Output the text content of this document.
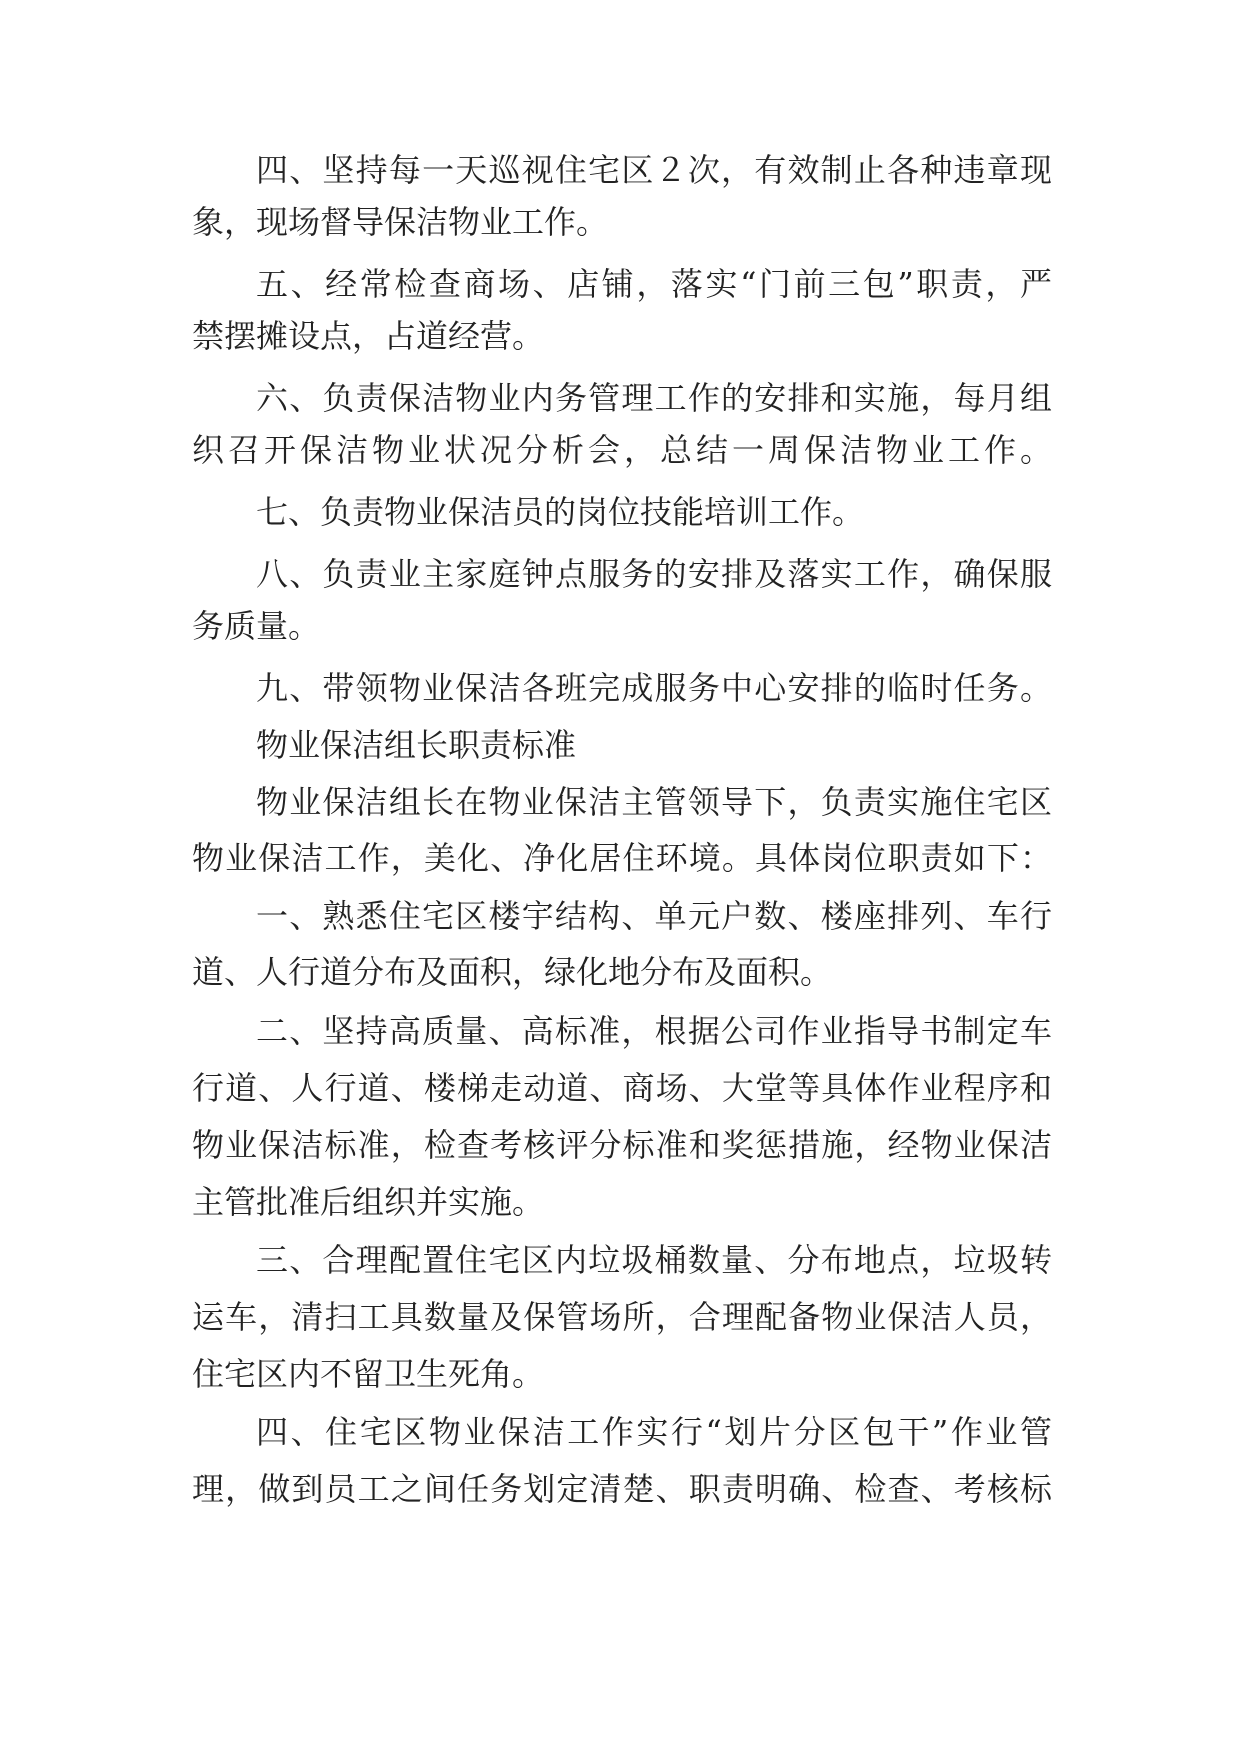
四、坚持每一天巡视住宅区２次，有效制止各种违章现
象，现场督导保洁物业工作。
五、经常检查商场、店铺，落实“门前三包”职责，严
禁摆摊设点，占道经营。
六、负责保洁物业内务管理工作的安排和实施，每月组
织召开保洁物业状况分析会，总结一周保洁物业工作。
七、负责物业保洁员的岗位技能培训工作。
八、负责业主家庭钟点服务的安排及落实工作，确保服
务质量。
九、带领物业保洁各班完成服务中心安排的临时任务。
物业保洁组长职责标准
物业保洁组长在物业保洁主管领导下，负责实施住宅区
物业保洁工作，美化、净化居住环境。具体岗位职责如下：
一、熟悉住宅区楼宇结构、单元户数、楼座排列、车行
道、人行道分布及面积，绿化地分布及面积。
二、坚持高质量、高标准，根据公司作业指导书制定车
行道、人行道、楼梯走动道、商场、大堂等具体作业程序和
物业保洁标准，检查考核评分标准和奖惩措施，经物业保洁
主管批准后组织并实施。
三、合理配置住宅区内垃圾桶数量、分布地点，垃圾转
运车，清扫工具数量及保管场所，合理配备物业保洁人员，
住宅区内不留卫生死角。
四、住宅区物业保洁工作实行“划片分区包干”作业管
理，做到员工之间任务划定清楚、职责明确、检查、考核标
